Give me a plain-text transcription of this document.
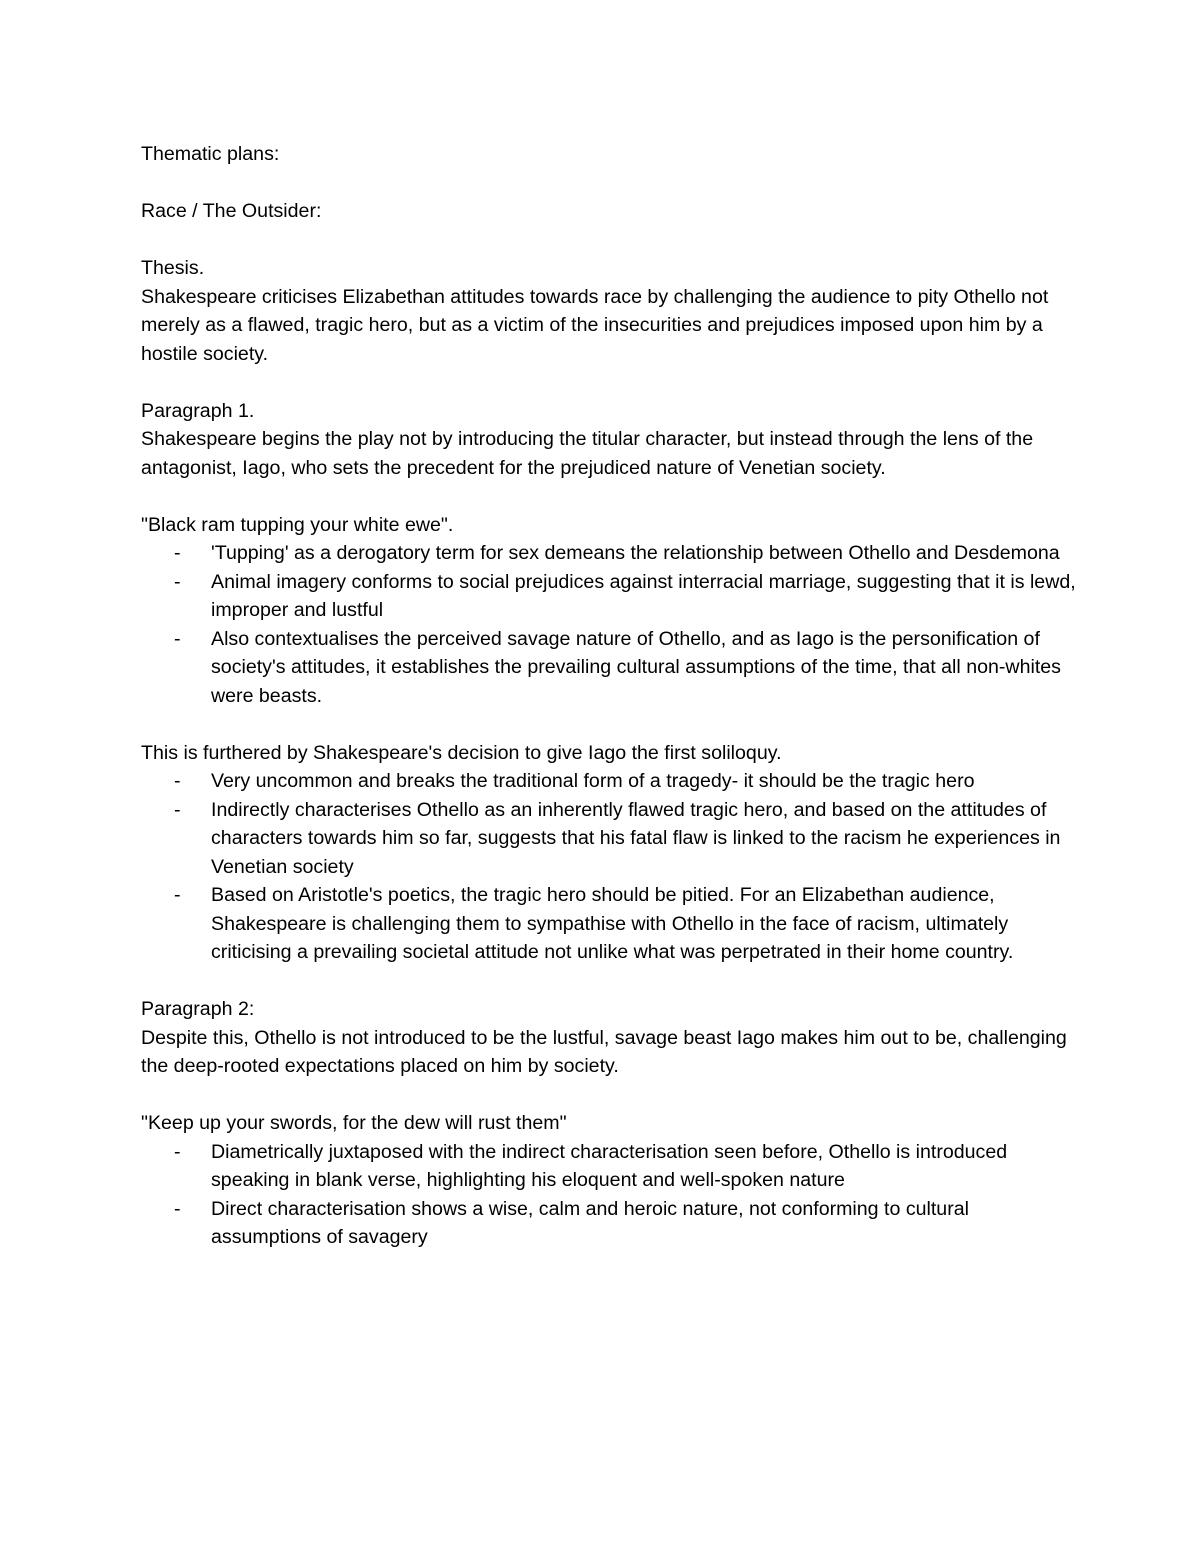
Thematic plans:

Race / The Outsider:

Thesis.

Shakespeare criticises Elizabethan attitudes towards race by challenging the audience to pity Othello not merely as a flawed, tragic hero, but as a victim of the insecurities and prejudices imposed upon him by a hostile society.

Paragraph 1.

Shakespeare begins the play not by introducing the titular character, but instead through the lens of the antagonist, Iago, who sets the precedent for the prejudiced nature of Venetian society.

"Black ram tupping your white ewe".

- 'Tupping' as a derogatory term for sex demeans the relationship between Othello and Desdemona
- Animal imagery conforms to social prejudices against interracial marriage, suggesting that it is lewd, improper and lustful
- Also contextualises the perceived savage nature of Othello, and as Iago is the personification of society's attitudes, it establishes the prevailing cultural assumptions of the time, that all non-whites were beasts.

This is furthered by Shakespeare's decision to give Iago the first soliloquy.

- Very uncommon and breaks the traditional form of a tragedy- it should be the tragic hero
- Indirectly characterises Othello as an inherently flawed tragic hero, and based on the attitudes of characters towards him so far, suggests that his fatal flaw is linked to the racism he experiences in Venetian society
- Based on Aristotle's poetics, the tragic hero should be pitied. For an Elizabethan audience, Shakespeare is challenging them to sympathise with Othello in the face of racism, ultimately criticising a prevailing societal attitude not unlike what was perpetrated in their home country.

Paragraph 2:

Despite this, Othello is not introduced to be the lustful, savage beast Iago makes him out to be, challenging the deep-rooted expectations placed on him by society.

"Keep up your swords, for the dew will rust them"

- Diametrically juxtaposed with the indirect characterisation seen before, Othello is introduced speaking in blank verse, highlighting his eloquent and well-spoken nature
- Direct characterisation shows a wise, calm and heroic nature, not conforming to cultural assumptions of savagery
